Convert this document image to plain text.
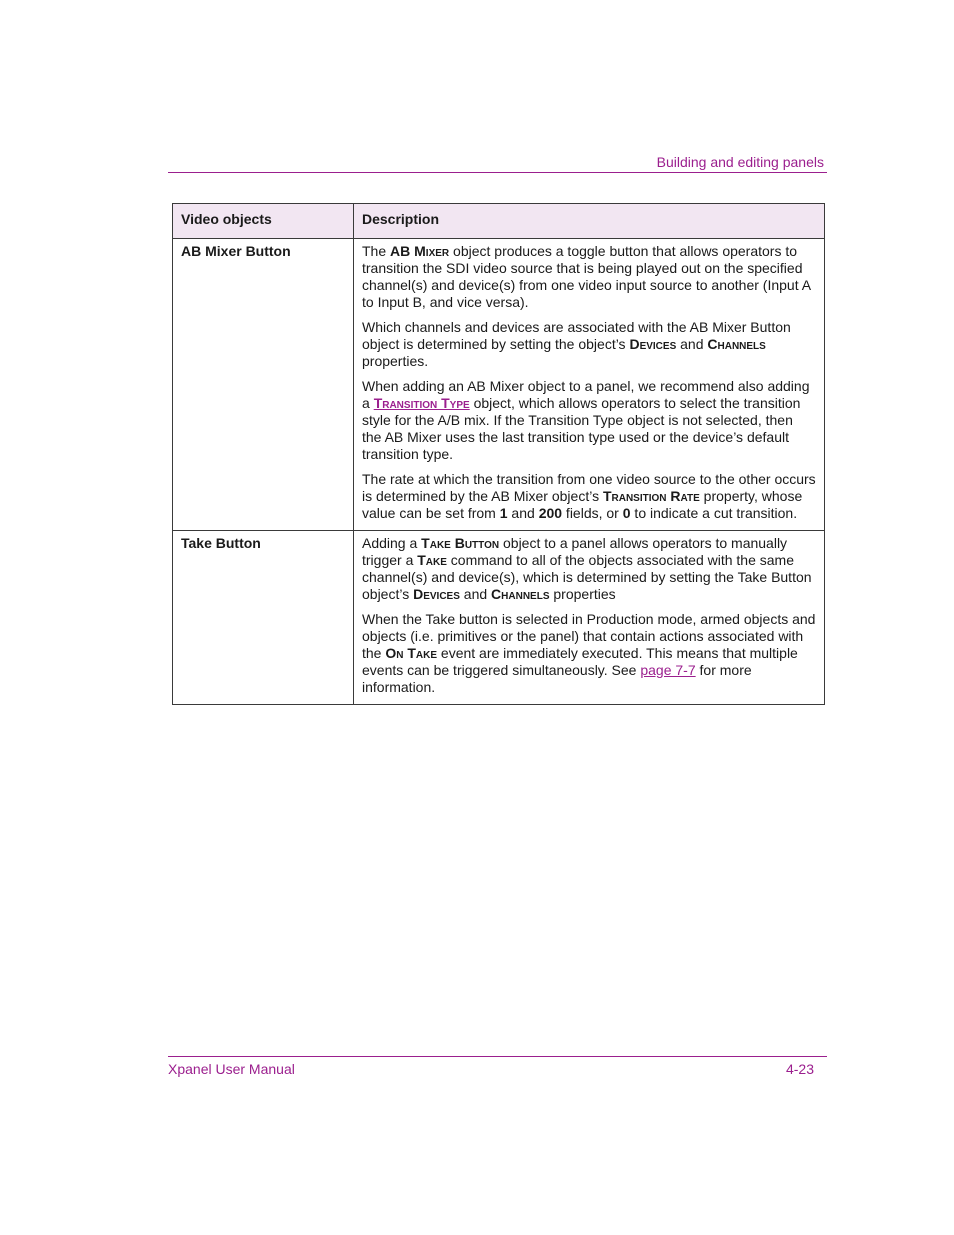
Building and editing panels
Video objects	Description
AB Mixer Button	The AB Mixer object produces a toggle button that allows operators to transition the SDI video source that is being played out on the specified channel(s) and device(s) from one video input source to another (Input A to Input B, and vice versa).

Which channels and devices are associated with the AB Mixer Button object is determined by setting the object’s Devices and Channels properties.

When adding an AB Mixer object to a panel, we recommend also adding a Transition Type object, which allows operators to select the transition style for the A/B mix. If the Transition Type object is not selected, then the AB Mixer uses the last transition type used or the device’s default transition type.

The rate at which the transition from one video source to the other occurs is determined by the AB Mixer object’s Transition Rate property, whose value can be set from 1 and 200 fields, or 0 to indicate a cut transition.

Take Button	Adding a Take Button object to a panel allows operators to manually trigger a Take command to all of the objects associated with the same channel(s) and device(s), which is determined by setting the Take Button object’s Devices and Channels properties

When the Take button is selected in Production mode, armed objects and objects (i.e. primitives or the panel) that contain actions associated with the On Take event are immediately executed. This means that multiple events can be triggered simultaneously. See page 7-7 for more information.

Xpanel User Manual	4-23
